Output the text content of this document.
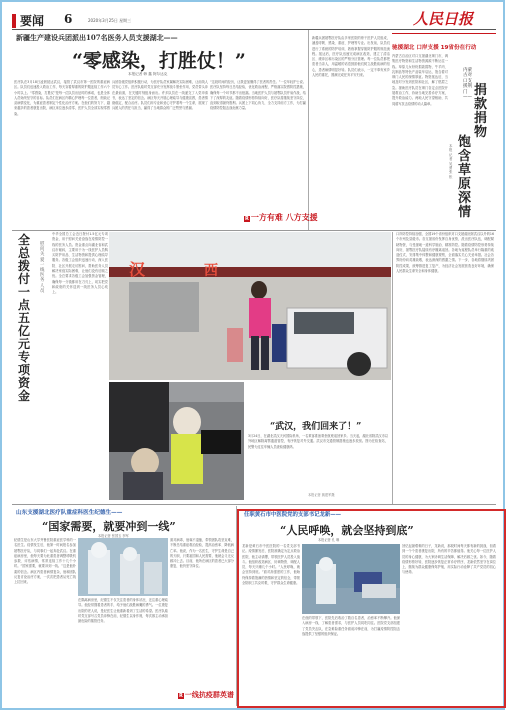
要闻 6	2020年3月25日 星期三	人民日报
新疆生产建设兵团派出107名医务人员支援湖北——
“零感染，打胜仗！”
本报记者 韩 鑫 阿尔达克
医疗队在3月18日凌晨抵达武汉，接管了武汉市第一医院的重症病区。队员们迅速投入救治工作，每天穿着厚重的防护服连续工作六个小时以上。“零感染，打胜仗”是每一位队员出征时的承诺，也是全体人员始终坚守的目标。队员们在病区内精心护理每一位患者，细致记录病情变化，为重症患者制定个性化治疗方案。在他们的努力下，越来越多的患者康复出院，病区床位逐步清零，医护人员全部实现零感染。
兵团各级党组织积极行动，为医疗队员家属解决实际困难，让前线人员安心工作。医疗队临时党支部充分发挥战斗堡垒作用，党员带头冲在最前面，在关键时刻挺身而出。许多队员在一线递交了入党申请书，表达了坚定的信念。病区每天开展心理疏导与健康宣教，患者情绪稳定，配合治疗。队员们用专业和爱心守护着每一个生命，展现了兵团人的责任与担当，赢得了当地群众的广泛赞誉与感谢。
“这段时间的经历，让我更加懂得了医者的责任。”一位年轻护士说。医疗队坚持每日总结经验，优化救治流程，严格落实院感防控措施，确保每一个环节都不出纰漏。当地医护人员与援鄂队员并肩作战，结下了深厚的友谊。随着疫情形势持续向好，医疗队将继续坚守岗位，直到取得最终胜利。兵团上下同心协力，全力支持前方工作，为打赢疫情防控阻击战贡献力量。
新疆兵团援鄂医疗队由多家医院的骨干医护人员组成，涵盖呼吸、感染、重症、护理等专业。出发前，队员们进行了系统的防护培训，熟练掌握穿脱防护服的规范流程。抵达后，医疗队迅速完成病区改造，建立了清洁区、缓冲区和污染区的严格分区管理。每一位队员都把患者当亲人，用温暖的话语鼓励他们树立战胜疾病的信心，患者病情明显好转。队员们表示，一定不辜负家乡人民的重托，圆满完成任务平安归来。
驰援湖北 口岸支援 19省份在行动
内蒙古对口支援荆门—— 捐款捐物
饱含草原深情
本报记者 吴勇 张枨
内蒙古自治区对口支援湖北荆门市，调集医疗物资和生活物资源源不断运往一线。草原儿女纷纷捐款捐物，牛羊肉、乳制品等特色产品装车启运，饱含着对荆门人民的深情厚谊。物资抵达后，当地及时分发到医院和社区，解了燃眉之急。援助医疗队员在荆门各定点医院开展救治工作，协助当地完善诊疗方案，提升救治能力。两地人民守望相助，共同谱写抗击疫情的动人篇章。
R 一方有难 八方支援
全总拨付一点五亿元专项资金
慰问关爱一线医务人员
中华全国总工会近日拨付1.5亿元专项资金，用于慰问关爱奋战在疫情防控一线的医务人员。资金重点向湖北省和武汉市倾斜，主要用于为一线医护人员购买防护用品、生活物资和提供心理疏导服务。各级工会组织迅速行动，深入医院、社区开展走访慰问，帮助医务人员解决家庭实际困难，让他们没有后顾之忧。全总要求各级工会加强资金管理，确保每一分钱都用在刀刃上，切实把党和政府的关怀送到一线医务人员心坎上。
汉	西
“武汉，我们回来了！”
3月24日，在湖北武汉天河国际机场，一名乘客准备乘坐航班返回家乡。当天起，湖北省除武汉市以外地区解除离鄂通道管控，有序恢复对外交通。武汉市交通管制措施也逐步放宽。图为在检查站，民警为过往车辆人员查验健康码。
本报记者 姚建军摄
口岸防控持续加强，全国19个省份组织对口支援湖北除武汉以外的16个市州及县级市。各支援省份发挥自身优势，派出医疗队伍，调配紧缺物资，与受援地一道科学施治、精准防控。随着疫情防控形势持续向好，援鄂医疗队陆续有序撤离返回。各地为返程队员举行隆重的欢迎仪式，安排集中休整和健康观察，全面落实关心关爱举措。社会各界纷纷向英雄致敬，表达深深的感激之情。下一步，各地将继续巩固防控成果，统筹推进复工复产，为经济社会发展营造良好环境，确保人民群众生命安全和身体健康。
山东支援湖北医疗队重症科医生纪德生——
“国家需要，就要冲到一线”
本报记者 张国玉 李军
纪德生是山东大学齐鲁医院重症医学科的一名医生。疫情发生后，他第一时间报名参加援鄂医疗队，与同事们一起奔赴武汉。在重症病房里，他每天要为危重患者调整呼吸机参数、评估病情，常常连续工作十几个小时。“国家需要，就要冲到一线。”这是他朴素的信念。病区内患者病情复杂，他和团队反复讨论治疗方案，一次次把患者从死亡线上拉回来。
在隔离病房里，纪德生不仅关注患者的身体状况，还注重心理疏导。他经常握着患者的手，给予他们战胜病魔的勇气。一位康复出院的老人说，是纪医生让他重新看到了生活的希望。医疗队临时党支部号召党员冲锋在前，纪德生以身作则，每次都主动承担最危险的插管任务。
面对病毒，他毫不退缩，带领团队攻坚克难，不断总结重症救治经验，提高治愈率、降低病亡率。他说，作为一名医生，守护生命是自己的天职，只要祖国和人民需要，他就会义无反顾冲上去。目前，他所在病区的患者已大部分康复，他仍坚守岗位。
R 一线抗疫群英谱
任职黄石市中医院党的支部书记龙新——
“人民呼唤，就会坚持到底”
本报记者 孔 琳
龙新是黄石市中医医院的一名党支部书记。疫情暴发后，医院被确定为定点救治医院，他主动请缨，带领医护人员投入战斗。他组织改造病区、协调物资、调配人员，每天只睡几个小时。“人民呼唤，就会坚持到底。”面对高强度的工作，他始终保持着饱满的热情和坚定的信念，带领全院职工共克时艰，守护群众生命健康。
在他的带领下，医院先后收治了数百名患者，治愈率不断攀升。他深入病房一线，了解患者需求，与医护人员同吃同住。医院党支部组建了党员突击队，在急难险重任务面前冲锋在前，为打赢疫情防控阻击战提供了坚强的组织保证。
回忆起最艰难的日子，龙新说，那段时间每天都有新的挑战，但看到一个个患者康复出院，所有的辛苦都值得。他关心每一位医护人员的身心健康，为大家协调生活保障，解决后顾之忧。如今，随着疫情形势好转，医院逐步恢复正常诊疗秩序，龙新依然坚守在岗位上，继续为群众健康保驾护航，用实际行动诠释了共产党员的初心与使命。
